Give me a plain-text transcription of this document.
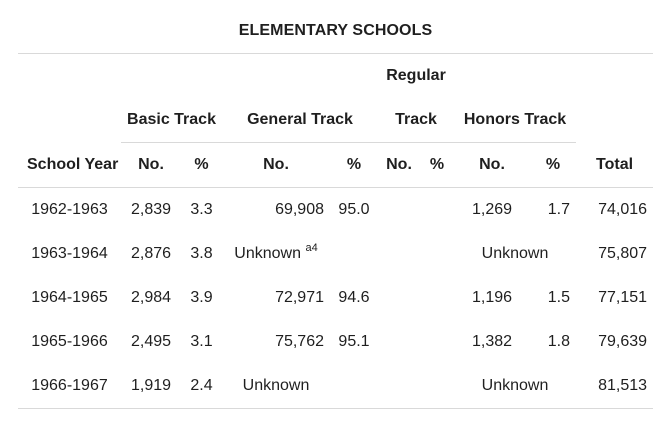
ELEMENTARY SCHOOLS
					Regular				
	Basic Track		General Track		Track		Honors Track		
School Year	No.	%	No.	%	No.	%	No.	%	Total
1962-1963	2,839	3.3	69,908	95.0			1,269	1.7	74,016
1963-1964	2,876	3.8	Unknown $^{a4}$				Unknown		75,807
1964-1965	2,984	3.9	72,971	94.6			1,196	1.5	77,151
1965-1966	2,495	3.1	75,762	95.1			1,382	1.8	79,639
1966-1967	1,919	2.4	Unknown				Unknown		81,513
